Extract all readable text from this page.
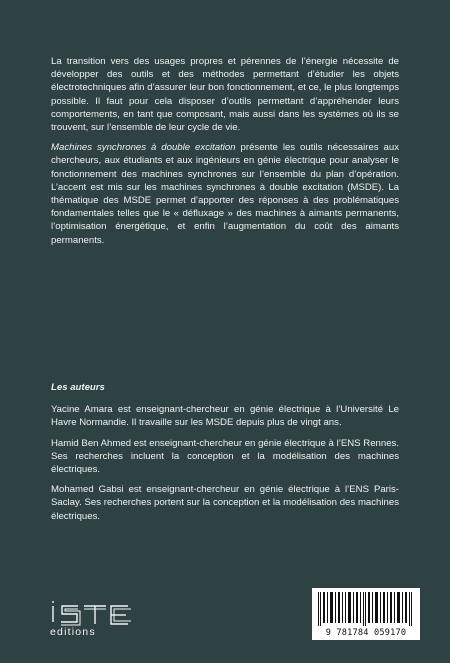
La transition vers des usages propres et pérennes de l’énergie nécessite de développer des outils et des méthodes permettant d’étudier les objets électrotechniques afin d’assurer leur bon fonctionnement, et ce, le plus longtemps possible. Il faut pour cela disposer d’outils permettant d’appréhender leurs comportements, en tant que composant, mais aussi dans les systèmes où ils se trouvent, sur l’ensemble de leur cycle de vie.

Machines synchrones à double excitation présente les outils nécessaires aux chercheurs, aux étudiants et aux ingénieurs en génie électrique pour analyser le fonctionnement des machines synchrones sur l’ensemble du plan d’opération. L’accent est mis sur les machines synchrones à double excitation (MSDE). La thématique des MSDE permet d’apporter des réponses à des problématiques fondamentales telles que le « défluxage » des machines à aimants permanents, l’optimisation énergétique, et enfin l’augmentation du coût des aimants permanents.

Les auteurs

Yacine Amara est enseignant-chercheur en génie électrique à l’Université Le Havre Normandie. Il travaille sur les MSDE depuis plus de vingt ans.

Hamid Ben Ahmed est enseignant-chercheur en génie électrique à l’ENS Rennes. Ses recherches incluent la conception et la modélisation des machines électriques.

Mohamed Gabsi est enseignant-chercheur en génie électrique à l’ENS Paris-Saclay. Ses recherches portent sur la conception et la modélisation des machines électriques.

editions	9 781784 059170
